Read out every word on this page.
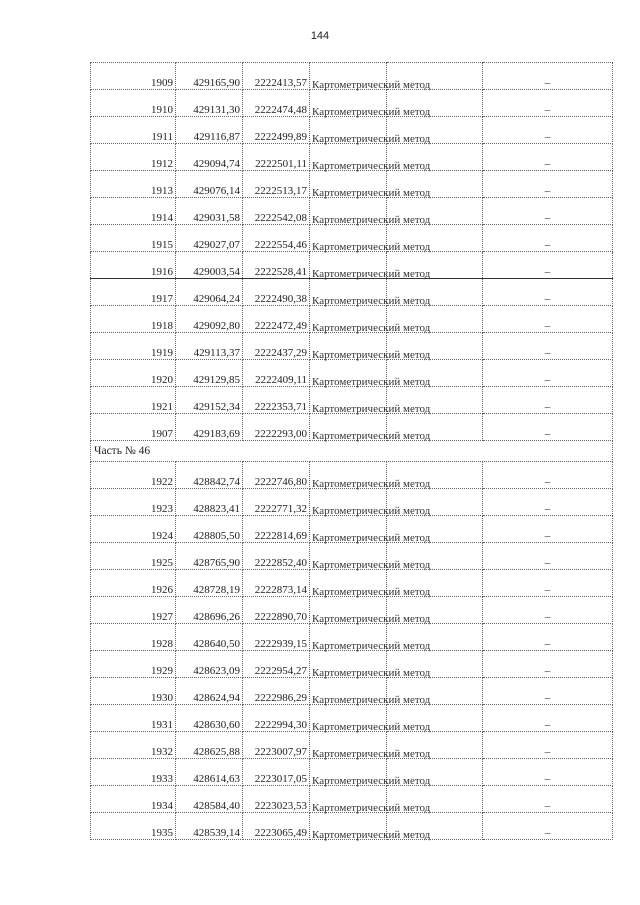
144
1909	429165,90	2222413,57	Картометрический метод		–
1910	429131,30	2222474,48	Картометрический метод		–
1911	429116,87	2222499,89	Картометрический метод		–
1912	429094,74	2222501,11	Картометрический метод		–
1913	429076,14	2222513,17	Картометрический метод		–
1914	429031,58	2222542,08	Картометрический метод		–
1915	429027,07	2222554,46	Картометрический метод		–
1916	429003,54	2222528,41	Картометрический метод		–
1917	429064,24	2222490,38	Картометрический метод		–
1918	429092,80	2222472,49	Картометрический метод		–
1919	429113,37	2222437,29	Картометрический метод		–
1920	429129,85	2222409,11	Картометрический метод		–
1921	429152,34	2222353,71	Картометрический метод		–
1907	429183,69	2222293,00	Картометрический метод		–
Часть № 46					
1922	428842,74	2222746,80	Картометрический метод		–
1923	428823,41	2222771,32	Картометрический метод		–
1924	428805,50	2222814,69	Картометрический метод		–
1925	428765,90	2222852,40	Картометрический метод		–
1926	428728,19	2222873,14	Картометрический метод		–
1927	428696,26	2222890,70	Картометрический метод		–
1928	428640,50	2222939,15	Картометрический метод		–
1929	428623,09	2222954,27	Картометрический метод		–
1930	428624,94	2222986,29	Картометрический метод		–
1931	428630,60	2222994,30	Картометрический метод		–
1932	428625,88	2223007,97	Картометрический метод		–
1933	428614,63	2223017,05	Картометрический метод		–
1934	428584,40	2223023,53	Картометрический метод		–
1935	428539,14	2223065,49	Картометрический метод		–
